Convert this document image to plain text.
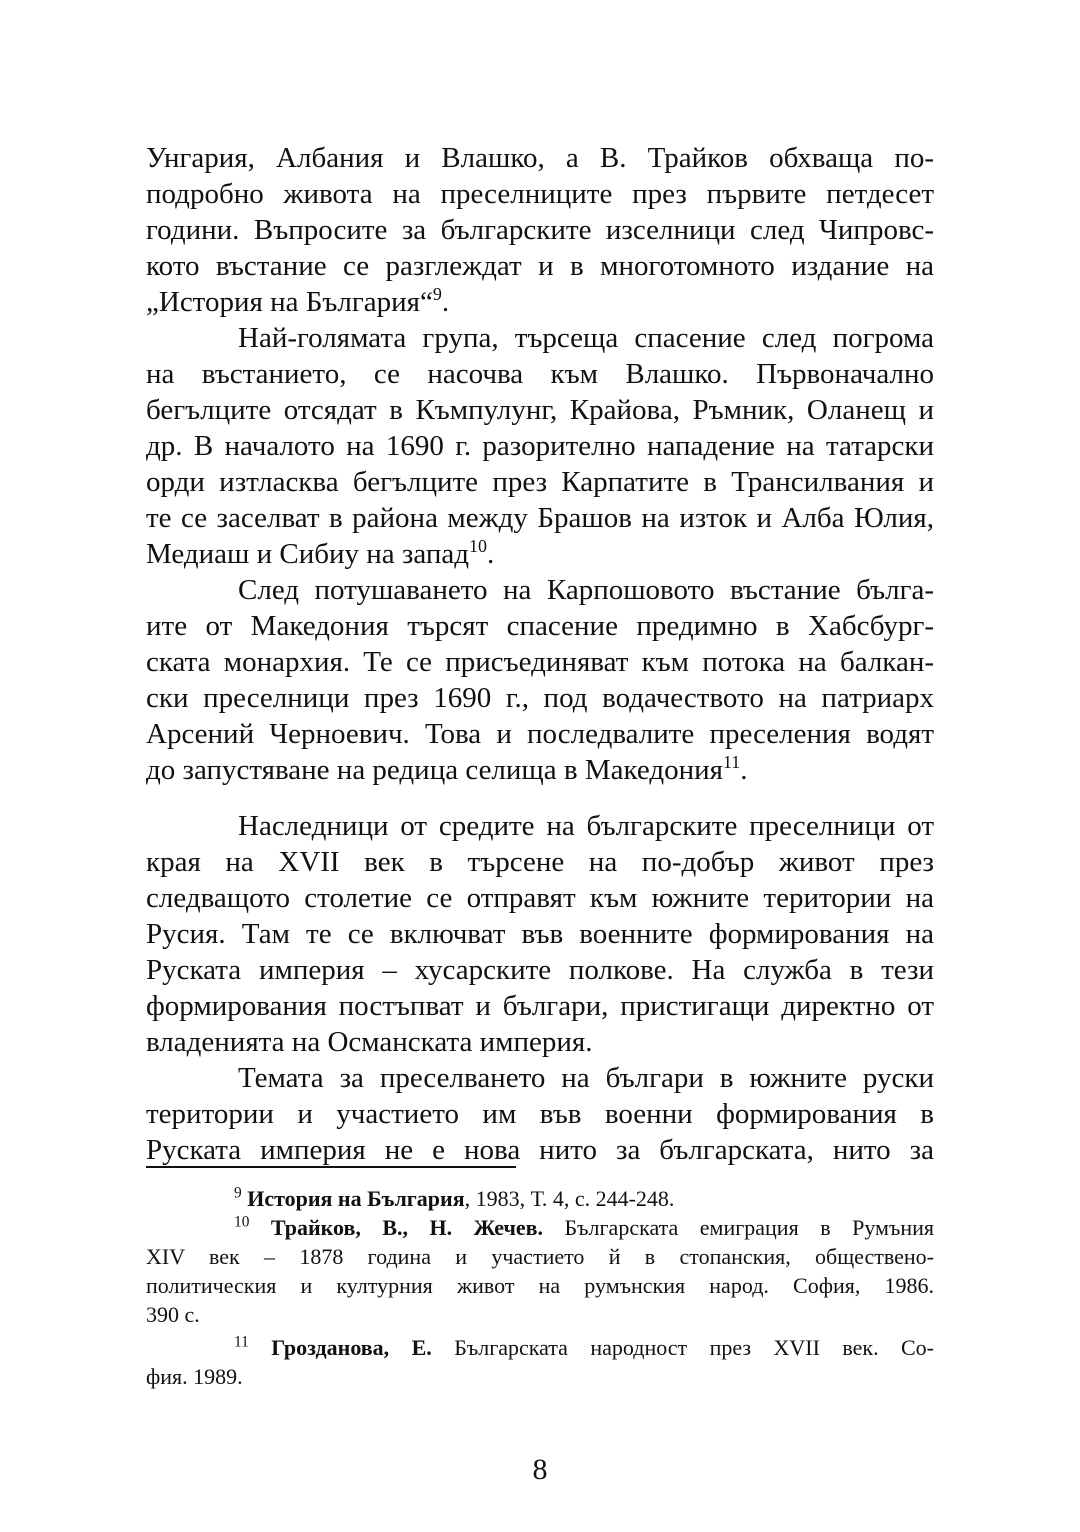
Унгария, Албания и Влашко, а В. Трайков обхваща по-
подробно живота на преселниците през първите петдесет
години. Въпросите за българските изселници след Чипровс-
кото въстание се разглеждат и в многотомното издание на
„История на България“$^9$.
Най-голямата група, търсеща спасение след погрома
на въстанието, се насочва към Влашко. Първоначално
бегълците отсядат в Къмпулунг, Крайова, Ръмник, Оланещ и
др. В началото на 1690 г. разорително нападение на татарски
орди изтласква бегълците през Карпатите в Трансилвания и
те се заселват в района между Брашов на изток и Алба Юлия,
Медиаш и Сибиу на запад$^{10}$.
След потушаването на Карпошовото въстание бълга-
ите от Македония търсят спасение предимно в Хабсбург-
ската монархия. Те се присъединяват към потока на балкан-
ски преселници през 1690 г., под водачеството на патриарх
Арсений Черноевич. Това и последвалите преселения водят
до запустяване на редица селища в Македония$^{11}$.
Наследници от средите на българските преселници от
края на XVII век в търсене на по-добър живот през
следващото столетие се отправят към южните територии на
Русия. Там те се включват във военните формирования на
Руската империя – хусарските полкове. На служба в тези
формирования постъпват и българи, пристигащи директно от
владенията на Османската империя.
Темата за преселването на българи в южните руски
територии и участието им във военни формирования в
Руската империя не е нова нито за българската, нито за
$^9$ История на България, 1983, Т. 4, с. 244-248.
$^{10}$ Трайков, В., Н. Жечев. Българската емиграция в Румъния
XIV век – 1878 година и участието й в стопанския, обществено-
политическия и културния живот на румънския народ. София, 1986.
390 с.
$^{11}$ Грозданова, Е. Българската народност през XVII век. Со-
фия. 1989.
8
